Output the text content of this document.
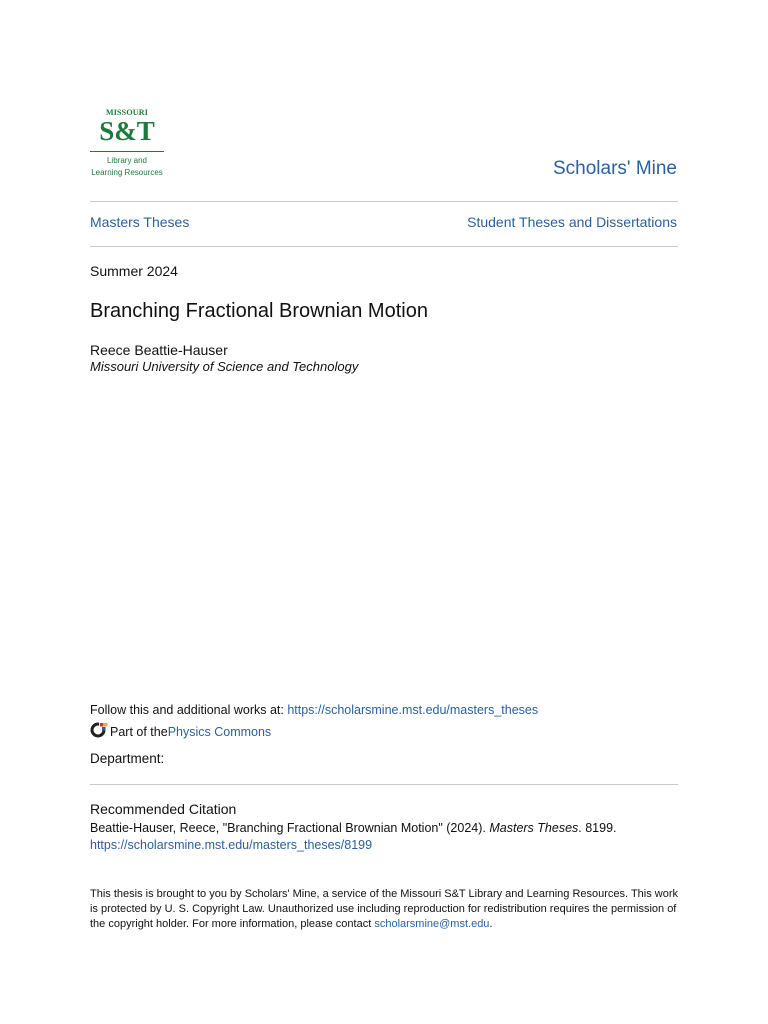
MISSOURI
S&T
Library and
Learning Resources	Scholars' Mine
Masters Theses	Student Theses and Dissertations
Summer 2024
Branching Fractional Brownian Motion
Reece Beattie-Hauser
Missouri University of Science and Technology
Follow this and additional works at: https://scholarsmine.mst.edu/masters_theses
Part of the Physics Commons
Department:
Recommended Citation
Beattie-Hauser, Reece, "Branching Fractional Brownian Motion" (2024). Masters Theses. 8199.
https://scholarsmine.mst.edu/masters_theses/8199
This thesis is brought to you by Scholars' Mine, a service of the Missouri S&T Library and Learning Resources. This work is protected by U. S. Copyright Law. Unauthorized use including reproduction for redistribution requires the permission of the copyright holder. For more information, please contact scholarsmine@mst.edu.
